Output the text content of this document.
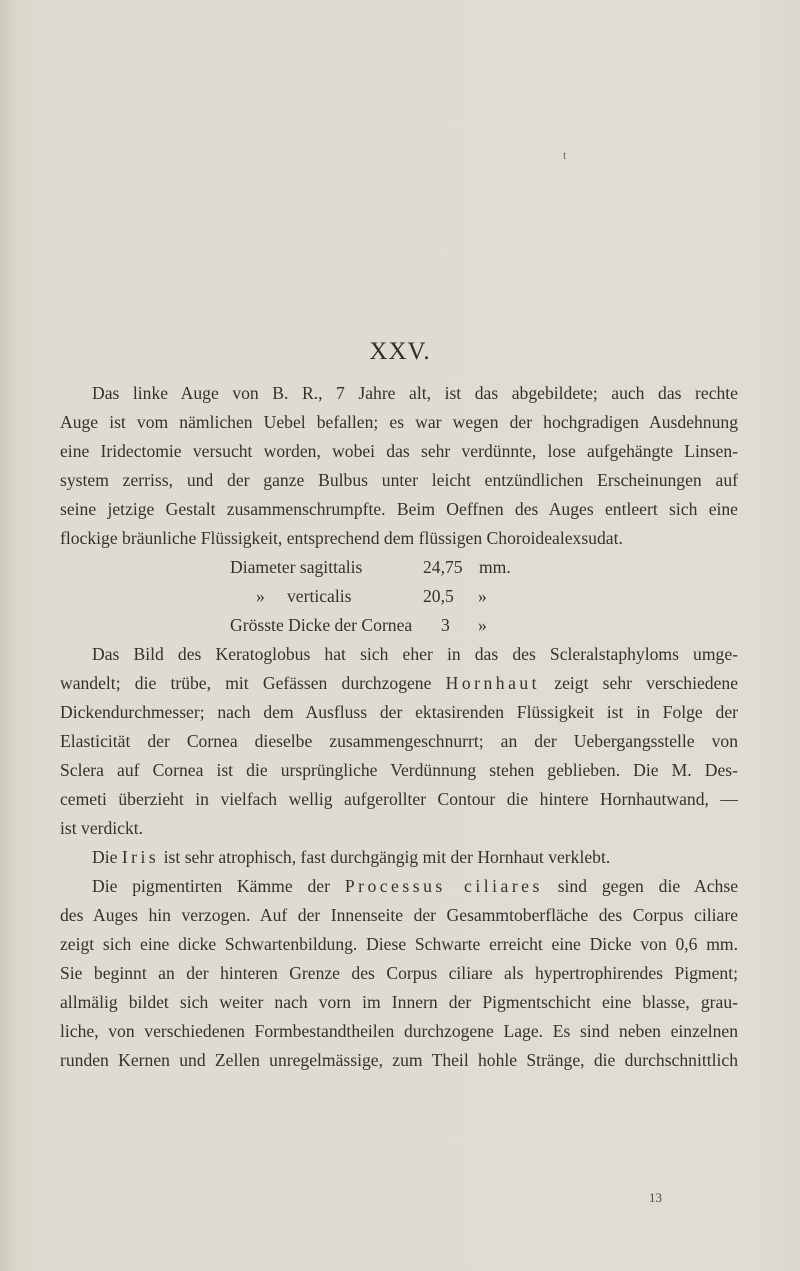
t
XXV.
Das linke Auge von B. R., 7 Jahre alt, ist das abgebildete; auch das rechte
Auge ist vom nämlichen Uebel befallen; es war wegen der hochgradigen Ausdehnung
eine Iridectomie versucht worden, wobei das sehr verdünnte, lose aufgehängte Linsen-
system zerriss, und der ganze Bulbus unter leicht entzündlichen Erscheinungen auf
seine jetzige Gestalt zusammenschrumpfte. Beim Oeffnen des Auges entleert sich eine
flockige bräunliche Flüssigkeit, entsprechend dem flüssigen Choroidealexsudat.
Diameter sagittalis	24,75 mm.
» verticalis	20,5 »
Grösste Dicke der Cornea 3 »
Das Bild des Keratoglobus hat sich eher in das des Scleralstaphyloms umge-
wandelt; die trübe, mit Gefässen durchzogene Hornhaut zeigt sehr verschiedene
Dickendurchmesser; nach dem Ausfluss der ektasirenden Flüssigkeit ist in Folge der
Elasticität der Cornea dieselbe zusammengeschnurrt; an der Uebergangsstelle von
Sclera auf Cornea ist die ursprüngliche Verdünnung stehen geblieben. Die M. Des-
cemeti überzieht in vielfach wellig aufgerollter Contour die hintere Hornhautwand, —
ist verdickt.
Die Iris ist sehr atrophisch, fast durchgängig mit der Hornhaut verklebt.
Die pigmentirten Kämme der Processus ciliares sind gegen die Achse
des Auges hin verzogen. Auf der Innenseite der Gesammtoberfläche des Corpus ciliare
zeigt sich eine dicke Schwartenbildung. Diese Schwarte erreicht eine Dicke von 0,6 mm.
Sie beginnt an der hinteren Grenze des Corpus ciliare als hypertrophirendes Pigment;
allmälig bildet sich weiter nach vorn im Innern der Pigmentschicht eine blasse, grau-
liche, von verschiedenen Formbestandtheilen durchzogene Lage. Es sind neben einzelnen
runden Kernen und Zellen unregelmässige, zum Theil hohle Stränge, die durchschnittlich
13
